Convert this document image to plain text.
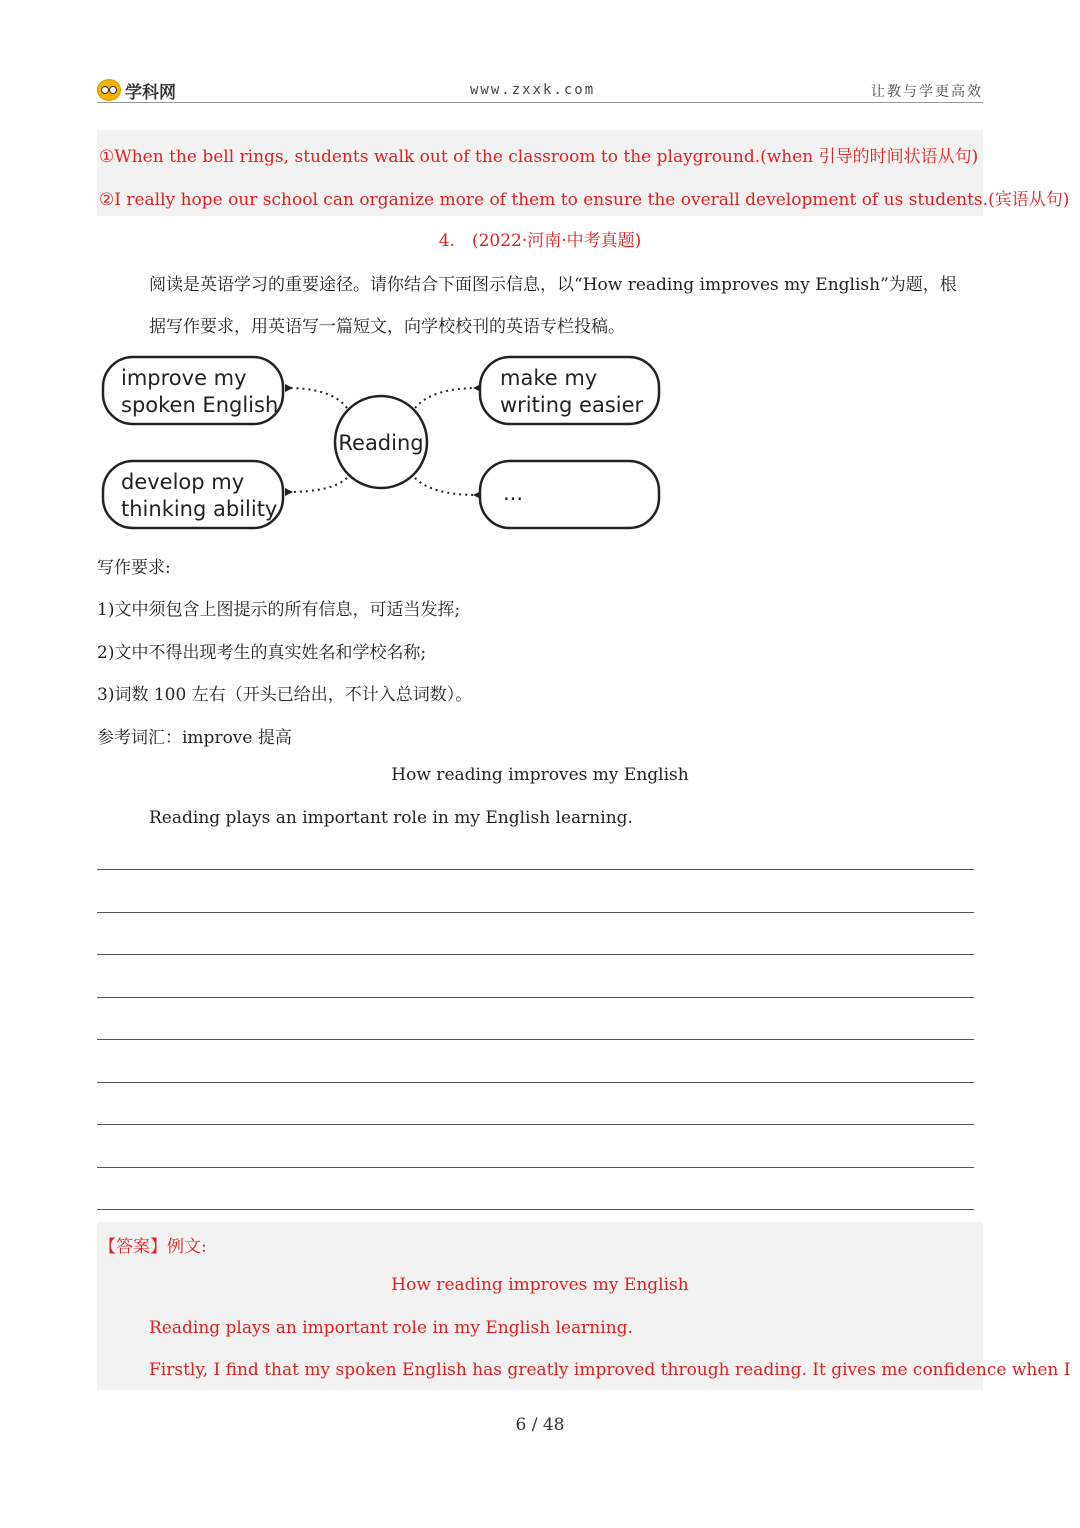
学科网	www.zxxk.com	让教与学更高效
①When the bell rings, students walk out of the classroom to the playground.(when 引导的时间状语从句)
②I really hope our school can organize more of them to ensure the overall development of us students.(宾语从句)
4.　(2022·河南·中考真题)
阅读是英语学习的重要途径。请你结合下面图示信息，以“How reading improves my English”为题，根
据写作要求，用英语写一篇短文，向学校校刊的英语专栏投稿。
improve my
spoken English
develop my
thinking ability
make my
writing easier
...
Reading
写作要求:
1)文中须包含上图提示的所有信息，可适当发挥;
2)文中不得出现考生的真实姓名和学校名称;
3)词数 100 左右（开头已给出，不计入总词数）。
参考词汇：improve 提高
How reading improves my English
Reading plays an important role in my English learning.
【答案】例文:
How reading improves my English
Reading plays an important role in my English learning.
Firstly, I find that my spoken English has greatly improved through reading. It gives me confidence when I
6 / 48
